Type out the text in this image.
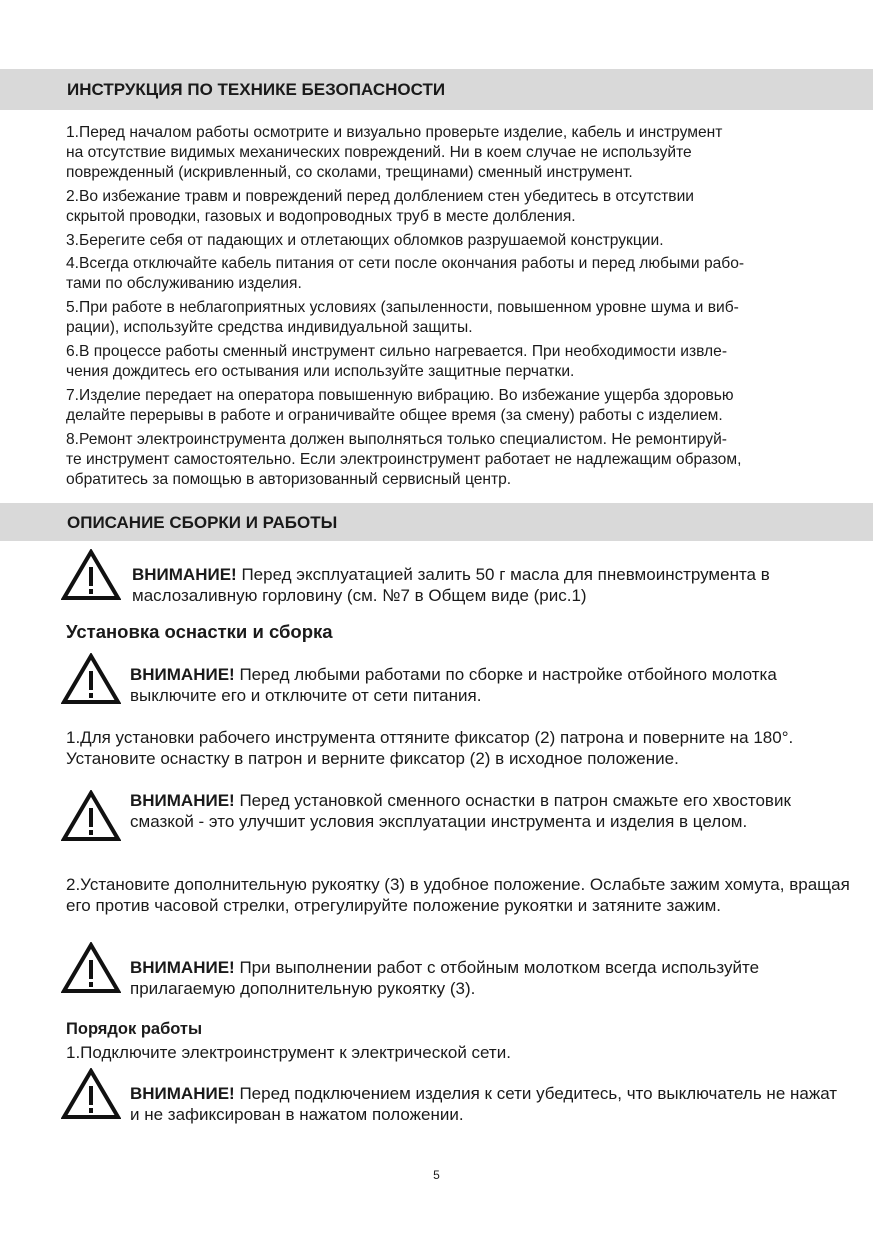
ИНСТРУКЦИЯ ПО ТЕХНИКЕ БЕЗОПАСНОСТИ

1.Перед началом работы осмотрите и визуально проверьте изделие, кабель и инструмент
на отсутствие видимых механических повреждений. Ни в коем случае не используйте
поврежденный (искривленный, со сколами, трещинами) сменный инструмент.

2.Во избежание травм и повреждений перед долблением стен убедитесь в отсутствии
скрытой проводки, газовых и водопроводных труб в месте долбления.

3.Берегите себя от падающих и отлетающих обломков разрушаемой конструкции.

4.Всегда отключайте кабель питания от сети после окончания работы и перед любыми рабо-
тами по обслуживанию изделия.

5.При работе в неблагоприятных условиях (запыленности, повышенном уровне шума и виб-
рации), используйте средства индивидуальной защиты.

6.В процессе работы сменный инструмент сильно нагревается. При необходимости извле-
чения дождитесь его остывания или используйте защитные перчатки.

7.Изделие передает на оператора повышенную вибрацию. Во избежание ущерба здоровью
делайте перерывы в работе и ограничивайте общее время (за смену) работы с изделием.

8.Ремонт электроинструмента должен выполняться только специалистом. Не ремонтируй-
те инструмент самостоятельно. Если электроинструмент работает не надлежащим образом,
обратитесь за помощью в авторизованный сервисный центр.

ОПИСАНИЕ СБОРКИ И РАБОТЫ

ВНИМАНИЕ! Перед эксплуатацией залить 50 г масла для пневмоинструмента в маслозаливную горловину (см. №7 в Общем виде (рис.1)

Установка оснастки и сборка

ВНИМАНИЕ! Перед любыми работами по сборке и настройке отбойного молотка выключите его и отключите от сети питания.

1.Для установки рабочего инструмента оттяните фиксатор (2) патрона и поверните на 180°. Установите оснастку в патрон и верните фиксатор (2) в исходное положение.

ВНИМАНИЕ! Перед установкой сменного оснастки в патрон смажьте его хвостовик смазкой - это улучшит условия эксплуатации инструмента и изделия в целом.

2.Установите дополнительную рукоятку (3) в удобное положение. Ослабьте зажим хомута, вращая его против часовой стрелки, отрегулируйте положение рукоятки и затяните зажим.

ВНИМАНИЕ! При выполнении работ с отбойным молотком всегда используйте прилагаемую дополнительную рукоятку (3).

Порядок работы

1.Подключите электроинструмент к электрической сети.

ВНИМАНИЕ! Перед подключением изделия к сети убедитесь, что выключатель не нажат и не зафиксирован в нажатом положении.

5
